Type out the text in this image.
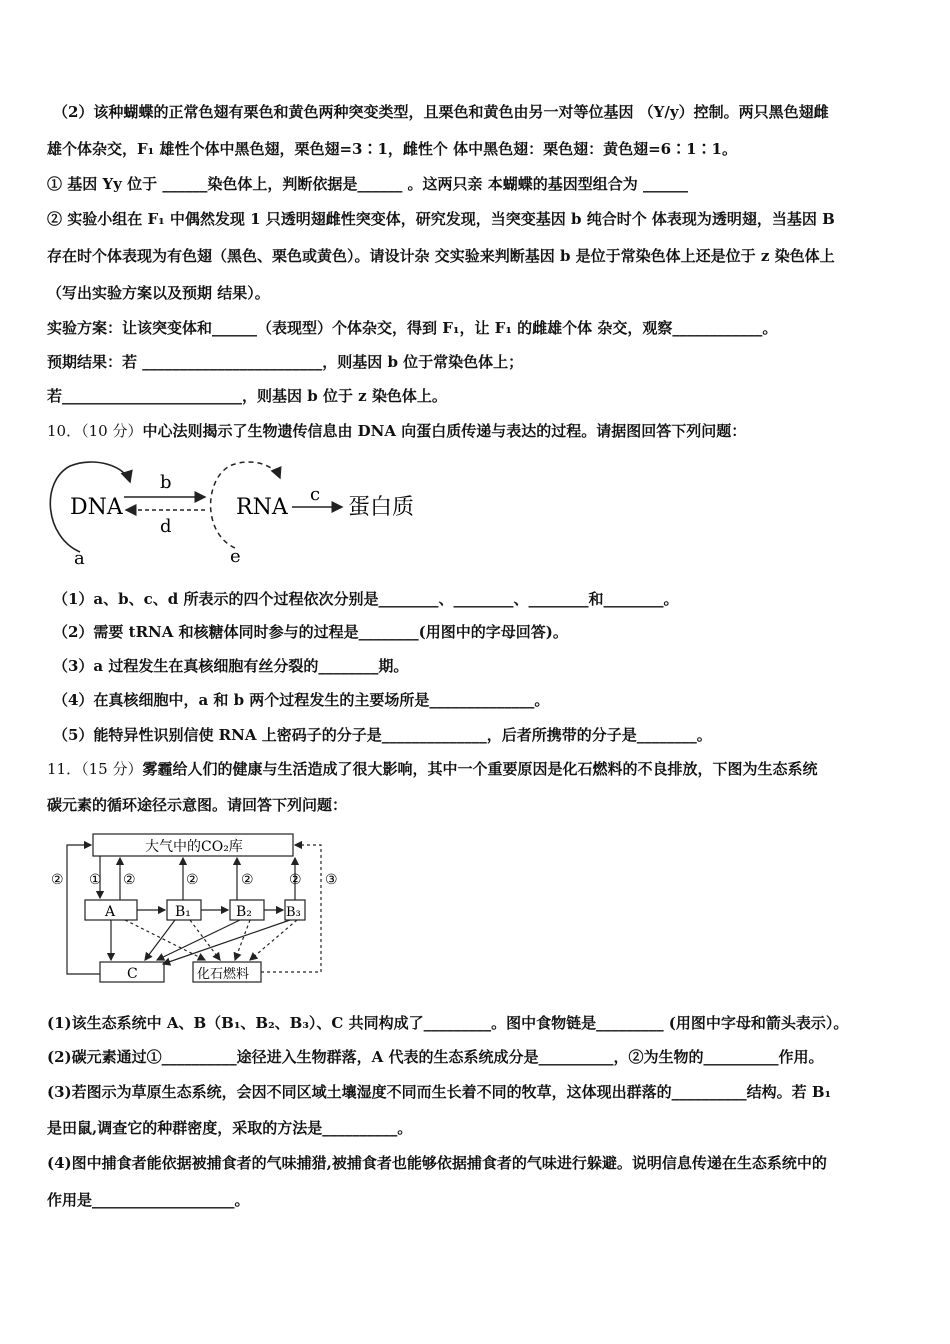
（2）该种蝴蝶的正常色翅有栗色和黄色两种突变类型，且栗色和黄色由另一对等位基因 （Y/y）控制。两只黑色翅雌
雄个体杂交，F₁ 雄性个体中黑色翅，栗色翅=3∶1，雌性个 体中黑色翅：栗色翅：黄色翅=6∶1∶1。
① 基因 Yy 位于 ______染色体上，判断依据是______ 。这两只亲 本蝴蝶的基因型组合为 ______
② 实验小组在 F₁ 中偶然发现 1 只透明翅雌性突变体，研究发现，当突变基因 b 纯合时个 体表现为透明翅，当基因 B
存在时个体表现为有色翅（黑色、栗色或黄色）。请设计杂 交实验来判断基因 b 是位于常染色体上还是位于 z 染色体上
（写出实验方案以及预期 结果）。
实验方案：让该突变体和______（表现型）个体杂交，得到 F₁，让 F₁ 的雌雄个体 杂交，观察____________。
预期结果：若 ________________________，则基因 b 位于常染色体上；
若________________________，则基因 b 位于 z 染色体上。
10．（10 分）中心法则揭示了生物遗传信息由 DNA 向蛋白质传递与表达的过程。请据图回答下列问题：
DNA
a
b
d
RNA
e
c
蛋白质
（1）a、b、c、d 所表示的四个过程依次分别是________、________、________和________。
（2）需要 tRNA 和核糖体同时参与的过程是________(用图中的字母回答)。
（3）a 过程发生在真核细胞有丝分裂的________期。
（4）在真核细胞中，a 和 b 两个过程发生的主要场所是______________。
（5）能特异性识别信使 RNA 上密码子的分子是______________，后者所携带的分子是________。
11．（15 分）雾霾给人们的健康与生活造成了很大影响，其中一个重要原因是化石燃料的不良排放，下图为生态系统
碳元素的循环途径示意图。请回答下列问题：
大气中的CO₂库
A	B₁	B₂	B₃
C	化石燃料
① ②	②	②	②
②	③
(1)该生态系统中 A、B（B₁、B₂、B₃）、C 共同构成了_________。图中食物链是_________ (用图中字母和箭头表示）。
(2)碳元素通过①__________途径进入生物群落，A 代表的生态系统成分是__________，②为生物的__________作用。
(3)若图示为草原生态系统，会因不同区域土壤湿度不同而生长着不同的牧草，这体现出群落的__________结构。若 B₁
是田鼠,调查它的种群密度，采取的方法是__________。
(4)图中捕食者能依据被捕食者的气味捕猎,被捕食者也能够依据捕食者的气味进行躲避。说明信息传递在生态系统中的
作用是___________________。
